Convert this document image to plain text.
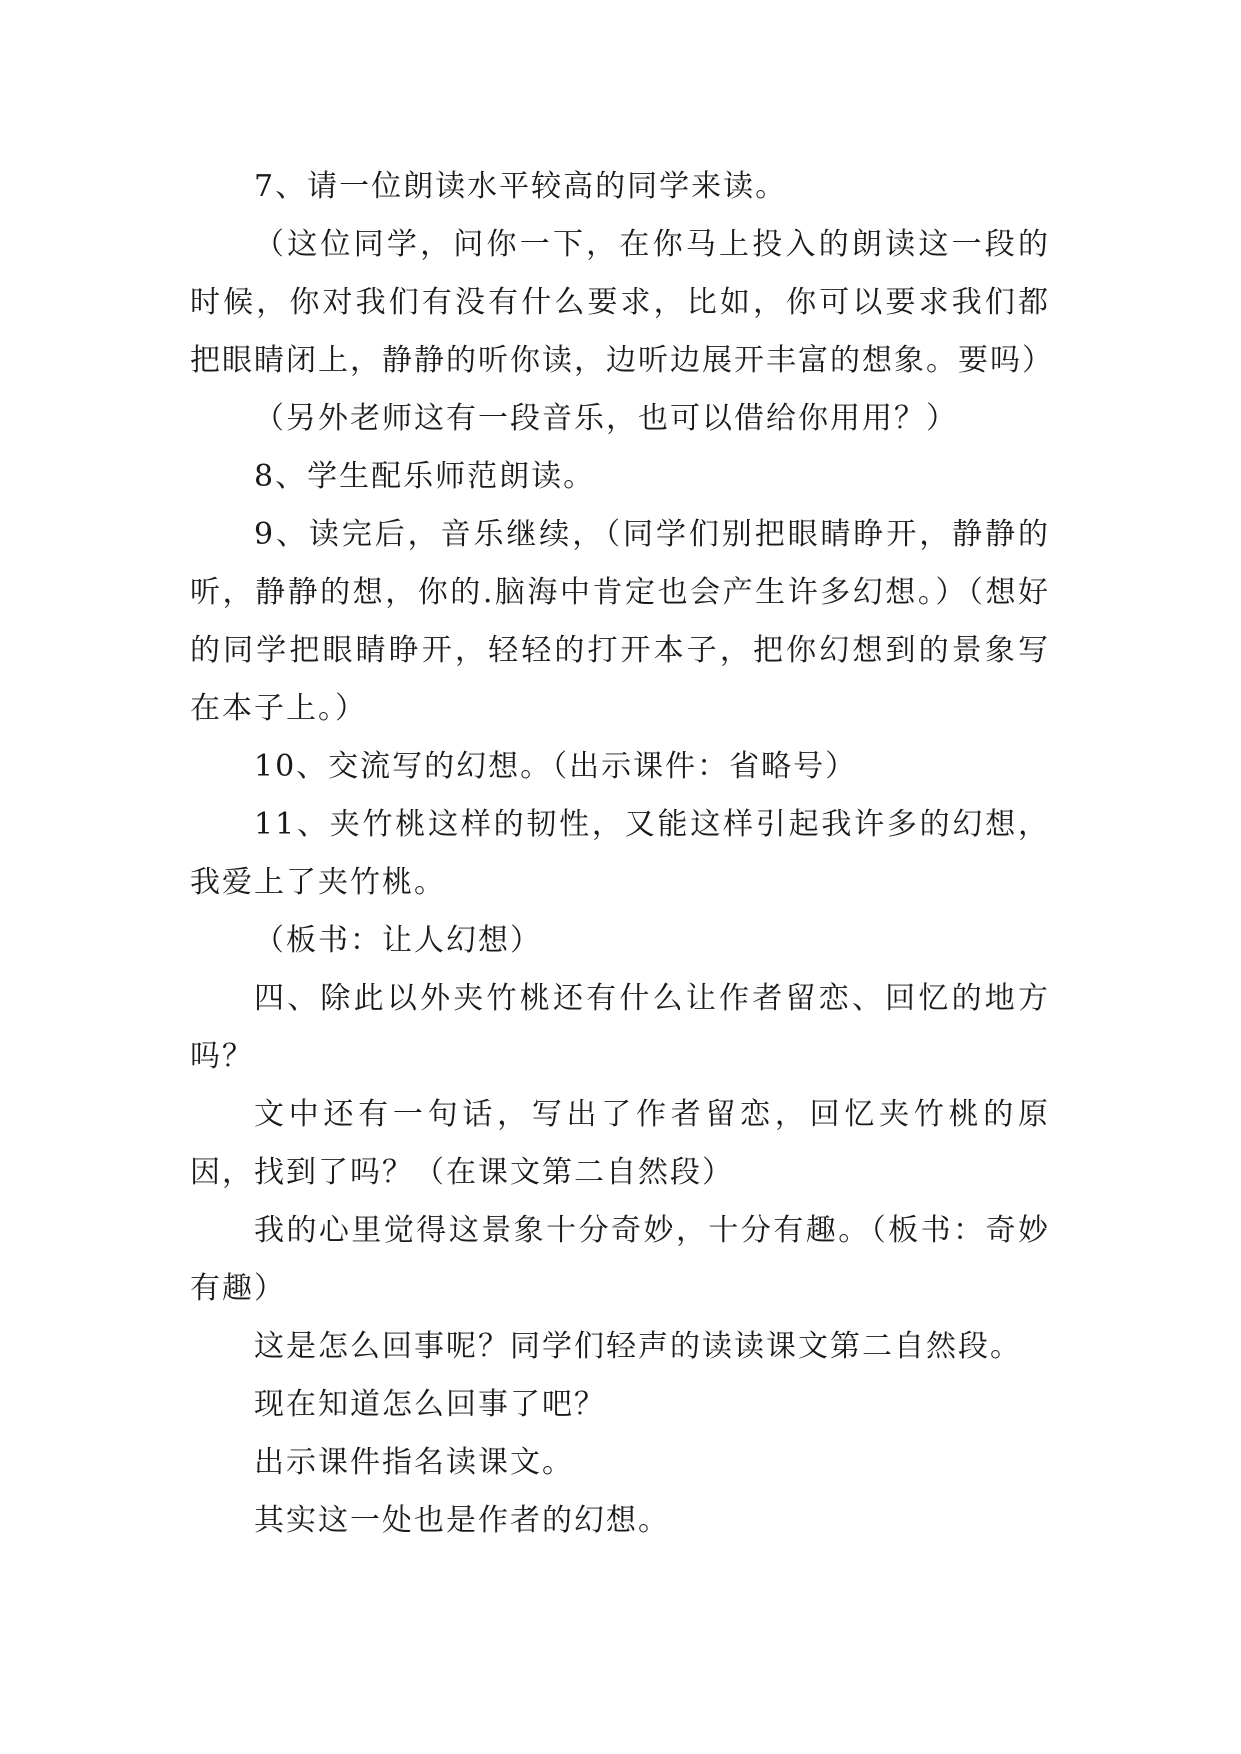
7、请一位朗读水平较高的同学来读。

（这位同学，问你一下，在你马上投入的朗读这一段的时候，你对我们有没有什么要求，比如，你可以要求我们都把眼睛闭上，静静的听你读，边听边展开丰富的想象。要吗）

（另外老师这有一段音乐，也可以借给你用用？）

8、学生配乐师范朗读。

9、读完后，音乐继续，（同学们别把眼睛睁开，静静的听，静静的想，你的.脑海中肯定也会产生许多幻想。）（想好的同学把眼睛睁开，轻轻的打开本子，把你幻想到的景象写在本子上。）

10、交流写的幻想。（出示课件：省略号）

11、夹竹桃这样的韧性，又能这样引起我许多的幻想，我爱上了夹竹桃。

（板书：让人幻想）

四、除此以外夹竹桃还有什么让作者留恋、回忆的地方吗？

文中还有一句话，写出了作者留恋，回忆夹竹桃的原因，找到了吗？（在课文第二自然段）

我的心里觉得这景象十分奇妙，十分有趣。（板书：奇妙有趣）

这是怎么回事呢？同学们轻声的读读课文第二自然段。

现在知道怎么回事了吧？

出示课件指名读课文。

其实这一处也是作者的幻想。
